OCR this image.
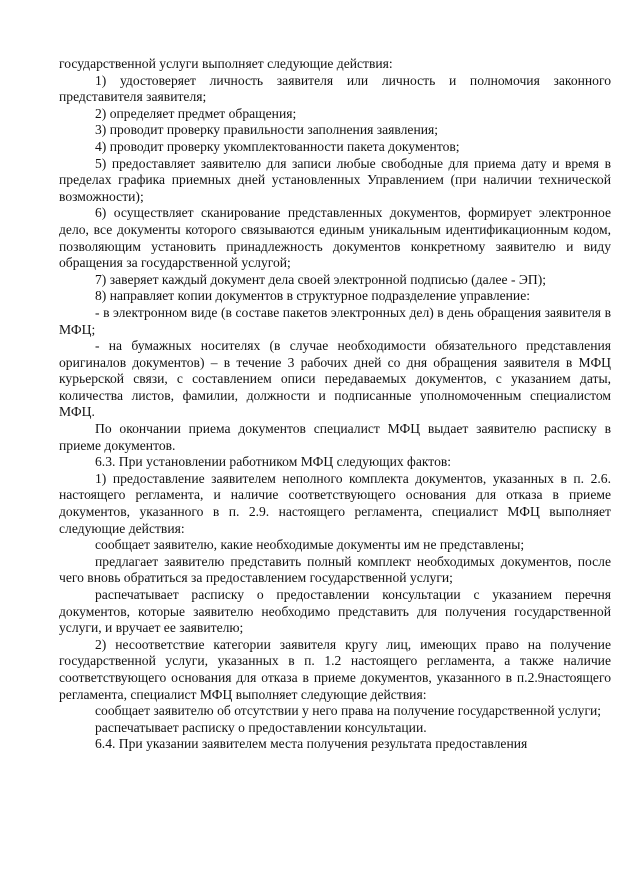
государственной услуги выполняет следующие действия:

1) удостоверяет личность заявителя или личность и полномочия законного представителя заявителя;

2) определяет предмет обращения;

3) проводит проверку правильности заполнения заявления;

4) проводит проверку укомплектованности пакета документов;

5) предоставляет заявителю для записи любые свободные для приема дату и время в пределах графика приемных дней установленных Управлением (при наличии технической возможности);

6) осуществляет сканирование представленных документов, формирует электронное дело, все документы которого связываются единым уникальным идентификационным кодом, позволяющим установить принадлежность документов конкретному заявителю и виду обращения за государственной услугой;

7) заверяет каждый документ дела своей электронной подписью (далее - ЭП);

8) направляет копии документов в структурное подразделение управление:

- в электронном виде (в составе пакетов электронных дел) в день обращения заявителя в МФЦ;

- на бумажных носителях (в случае необходимости обязательного представления оригиналов документов) – в течение 3 рабочих дней со дня обращения заявителя в МФЦ курьерской связи, с составлением описи передаваемых документов, с указанием даты, количества листов, фамилии, должности и подписанные уполномоченным специалистом МФЦ.

По окончании приема документов специалист МФЦ выдает заявителю расписку в приеме документов.

6.3. При установлении работником МФЦ следующих фактов:

1) предоставление заявителем неполного комплекта документов, указанных в п. 2.6. настоящего регламента, и наличие соответствующего основания для отказа в приеме документов, указанного в п. 2.9. настоящего регламента, специалист МФЦ выполняет следующие действия:

сообщает заявителю, какие необходимые документы им не представлены;

предлагает заявителю представить полный комплект необходимых документов, после чего вновь обратиться за предоставлением государственной услуги;

распечатывает расписку о предоставлении консультации с указанием перечня документов, которые заявителю необходимо представить для получения государственной услуги, и вручает ее заявителю;

2) несоответствие категории заявителя кругу лиц, имеющих право на получение государственной услуги, указанных в п. 1.2 настоящего регламента, а также наличие соответствующего основания для отказа в приеме документов, указанного в п.2.9настоящего регламента, специалист МФЦ выполняет следующие действия:

сообщает заявителю об отсутствии у него права на получение государственной услуги;

распечатывает расписку о предоставлении консультации.

6.4. При указании заявителем места получения результата предоставления
